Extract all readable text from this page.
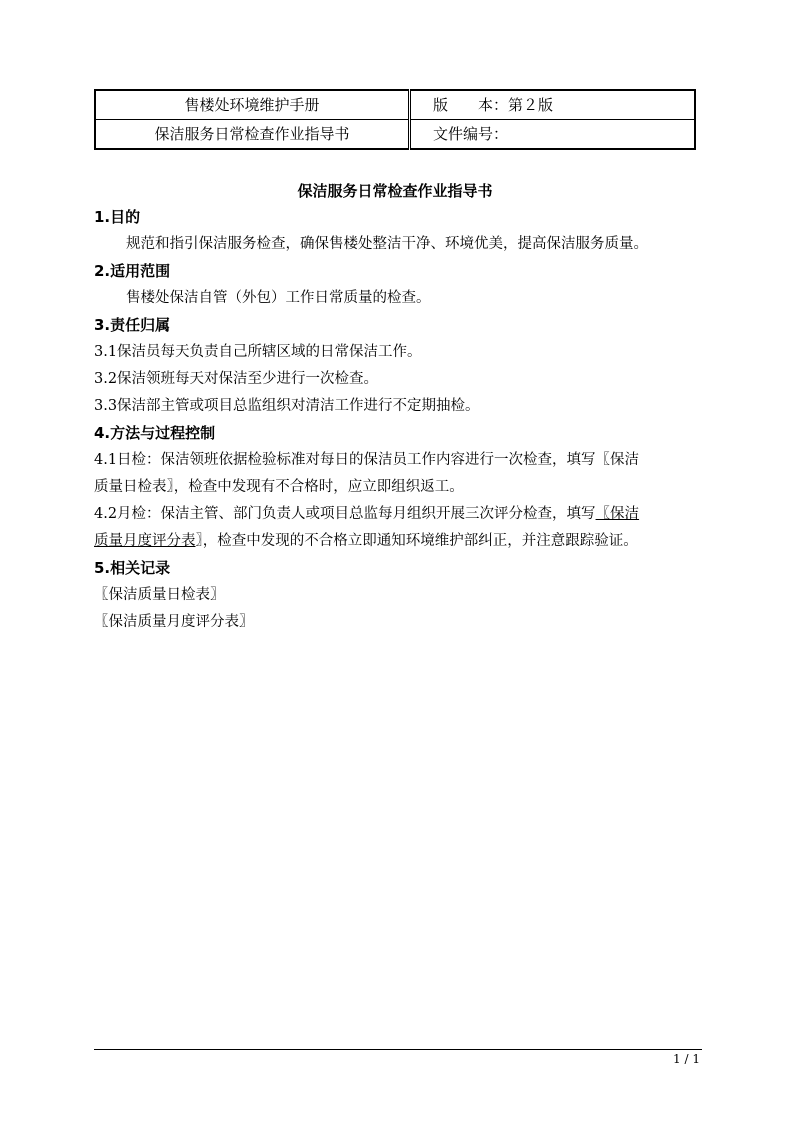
售楼处环境维护手册	版　　本：第２版
保洁服务日常检查作业指导书	文件编号：
保洁服务日常检查作业指导书
1.目的
规范和指引保洁服务检查，确保售楼处整洁干净、环境优美，提高保洁服务质量。
2.适用范围
售楼处保洁自管（外包）工作日常质量的检查。
3.责任归属
3.1保洁员每天负责自己所辖区域的日常保洁工作。
3.2保洁领班每天对保洁至少进行一次检查。
3.3保洁部主管或项目总监组织对清洁工作进行不定期抽检。
4.方法与过程控制
4.1日检：保洁领班依据检验标准对每日的保洁员工作内容进行一次检查，填写〖保洁
质量日检表〗，检查中发现有不合格时，应立即组织返工。
4.2月检：保洁主管、部门负责人或项目总监每月组织开展三次评分检查，填写〖保洁
质量月度评分表〗，检查中发现的不合格立即通知环境维护部纠正，并注意跟踪验证。
5.相关记录
〖保洁质量日检表〗
〖保洁质量月度评分表〗
1 / 1
